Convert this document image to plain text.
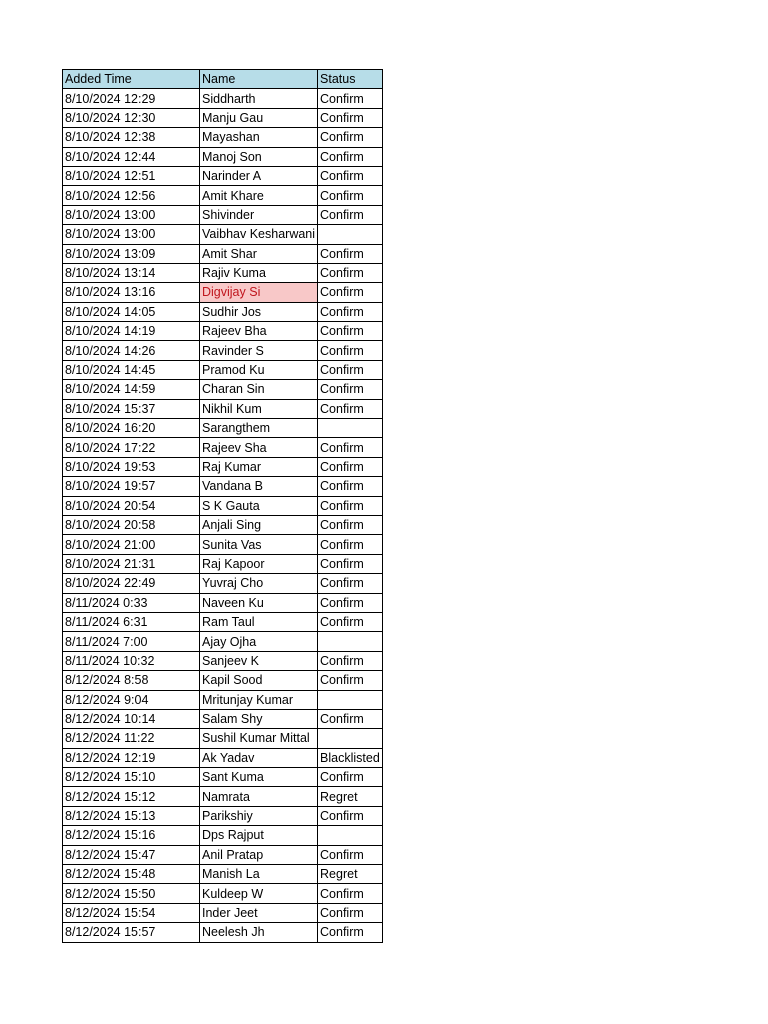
Added Time	Name	Status
8/10/2024 12:29	Siddharth	Confirm
8/10/2024 12:30	Manju Gau	Confirm
8/10/2024 12:38	Mayashan	Confirm
8/10/2024 12:44	Manoj Son	Confirm
8/10/2024 12:51	Narinder A	Confirm
8/10/2024 12:56	Amit Khare	Confirm
8/10/2024 13:00	Shivinder	Confirm
8/10/2024 13:00	Vaibhav Kesharwani	
8/10/2024 13:09	Amit Shar	Confirm
8/10/2024 13:14	Rajiv Kuma	Confirm
8/10/2024 13:16	Digvijay Si	Confirm
8/10/2024 14:05	Sudhir Jos	Confirm
8/10/2024 14:19	Rajeev Bha	Confirm
8/10/2024 14:26	Ravinder S	Confirm
8/10/2024 14:45	Pramod Ku	Confirm
8/10/2024 14:59	Charan Sin	Confirm
8/10/2024 15:37	Nikhil Kum	Confirm
8/10/2024 16:20	Sarangthem	
8/10/2024 17:22	Rajeev Sha	Confirm
8/10/2024 19:53	Raj Kumar	Confirm
8/10/2024 19:57	Vandana B	Confirm
8/10/2024 20:54	S K Gauta	Confirm
8/10/2024 20:58	Anjali Sing	Confirm
8/10/2024 21:00	Sunita Vas	Confirm
8/10/2024 21:31	Raj Kapoor	Confirm
8/10/2024 22:49	Yuvraj Cho	Confirm
8/11/2024 0:33	Naveen Ku	Confirm
8/11/2024 6:31	Ram Taul	Confirm
8/11/2024 7:00	Ajay Ojha	
8/11/2024 10:32	Sanjeev K	Confirm
8/12/2024 8:58	Kapil Sood	Confirm
8/12/2024 9:04	Mritunjay Kumar	
8/12/2024 10:14	Salam Shy	Confirm
8/12/2024 11:22	Sushil Kumar Mittal	
8/12/2024 12:19	Ak Yadav	Blacklisted
8/12/2024 15:10	Sant Kuma	Confirm
8/12/2024 15:12	Namrata	Regret
8/12/2024 15:13	Parikshiy	Confirm
8/12/2024 15:16	Dps Rajput	
8/12/2024 15:47	Anil Pratap	Confirm
8/12/2024 15:48	Manish La	Regret
8/12/2024 15:50	Kuldeep W	Confirm
8/12/2024 15:54	Inder Jeet	Confirm
8/12/2024 15:57	Neelesh Jh	Confirm
